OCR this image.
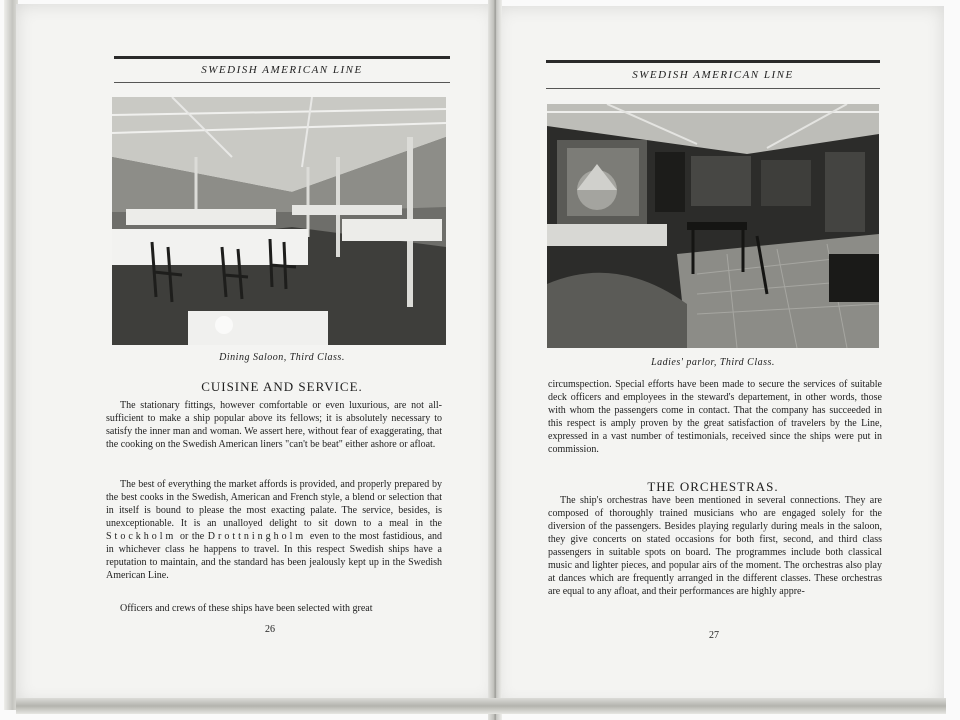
SWEDISH AMERICAN LINE
Dining Saloon, Third Class.
CUISINE AND SERVICE.

The stationary fittings, however comfortable or even luxurious, are not all-sufficient to make a ship popular above its fellows; it is absolutely necessary to satisfy the inner man and woman. We assert here, without fear of exaggerating, that the cooking on the Swedish American liners "can't be beat" either ashore or afloat.

The best of everything the market affords is provided, and properly prepared by the best cooks in the Swedish, American and French style, a blend or selection that in itself is bound to please the most exacting palate. The service, besides, is unexceptionable. It is an unalloyed delight to sit down to a meal in the Stockholm or the Drottningholm even to the most fastidious, and in whichever class he happens to travel. In this respect Swedish ships have a reputation to maintain, and the standard has been jealously kept up in the Swedish American Line.

Officers and crews of these ships have been selected with great

26
SWEDISH AMERICAN LINE
Ladies' parlor, Third Class.

circumspection. Special efforts have been made to secure the services of suitable deck officers and employees in the steward's departement, in other words, those with whom the passengers come in contact. That the company has succeeded in this respect is amply proven by the great satisfaction of travelers by the Line, expressed in a vast number of testimonials, received since the ships were put in commission.

THE ORCHESTRAS.

The ship's orchestras have been mentioned in several connections. They are composed of thoroughly trained musicians who are engaged solely for the diversion of the passengers. Besides playing regularly during meals in the saloon, they give concerts on stated occasions for both first, second, and third class passengers in suitable spots on board. The programmes include both classical music and lighter pieces, and popular airs of the moment. The orchestras also play at dances which are frequently arranged in the different classes. These orchestras are equal to any afloat, and their performances are highly appre-

27
